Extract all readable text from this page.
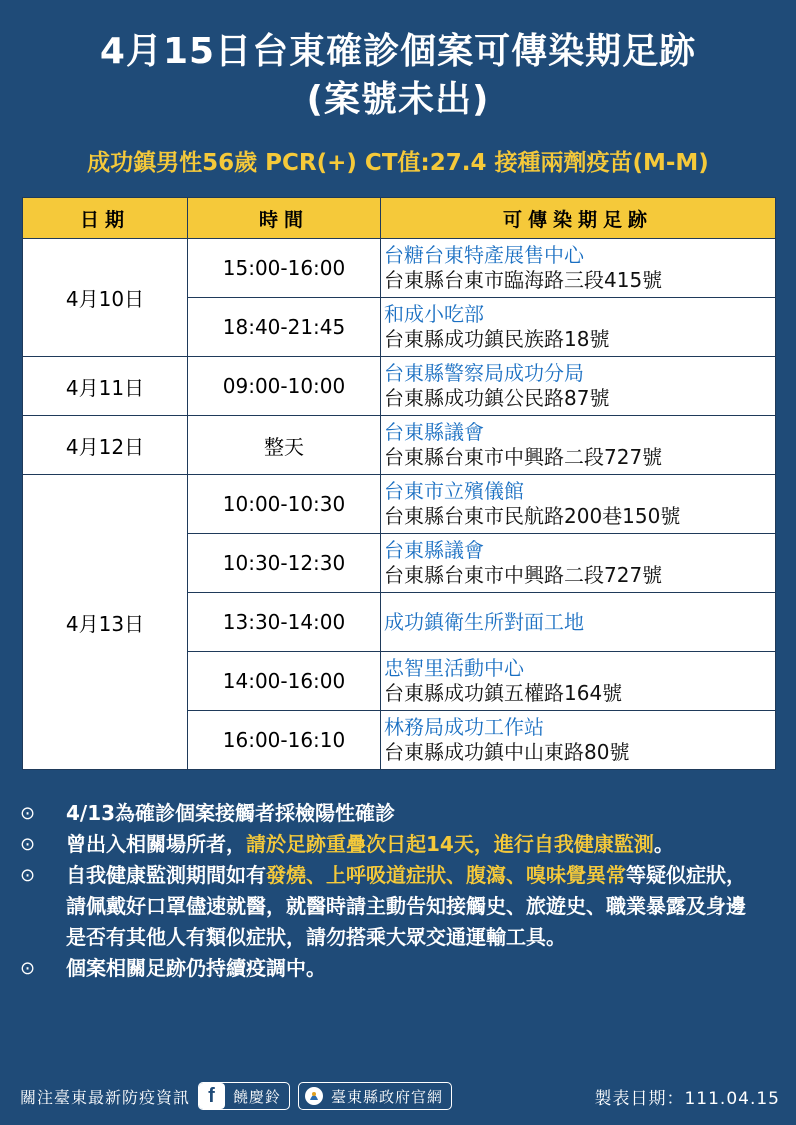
4月15日台東確診個案可傳染期足跡
(案號未出)
成功鎮男性56歲 PCR(+) CT值:27.4 接種兩劑疫苗(M-M)
日期	時間	可傳染期足跡
4月10日	15:00-16:00	台糖台東特產展售中心
台東縣台東市臨海路三段415號

	18:40-21:45	和成小吃部
台東縣成功鎮民族路18號

4月11日	09:00-10:00	台東縣警察局成功分局
台東縣成功鎮公民路87號

4月12日	整天	台東縣議會
台東縣台東市中興路二段727號

4月13日	10:00-10:30	台東市立殯儀館
台東縣台東市民航路200巷150號

	10:30-12:30	台東縣議會
台東縣台東市中興路二段727號

	13:30-14:00	成功鎮衛生所對面工地

	14:00-16:00	忠智里活動中心
台東縣成功鎮五權路164號

	16:00-16:10	林務局成功工作站
台東縣成功鎮中山東路80號
⊙	4/13為確診個案接觸者採檢陽性確診
⊙	曾出入相關場所者，請於足跡重疊次日起14天，進行自我健康監測。
⊙	自我健康監測期間如有發燒、上呼吸道症狀、腹瀉、嗅味覺異常等疑似症狀，請佩戴好口罩儘速就醫，就醫時請主動告知接觸史、旅遊史、職業暴露及身邊是否有其他人有類似症狀，請勿搭乘大眾交通運輸工具。
⊙	個案相關足跡仍持續疫調中。
關注臺東最新防疫資訊 f	饒慶鈴	臺東縣政府官網	製表日期：111.04.15
